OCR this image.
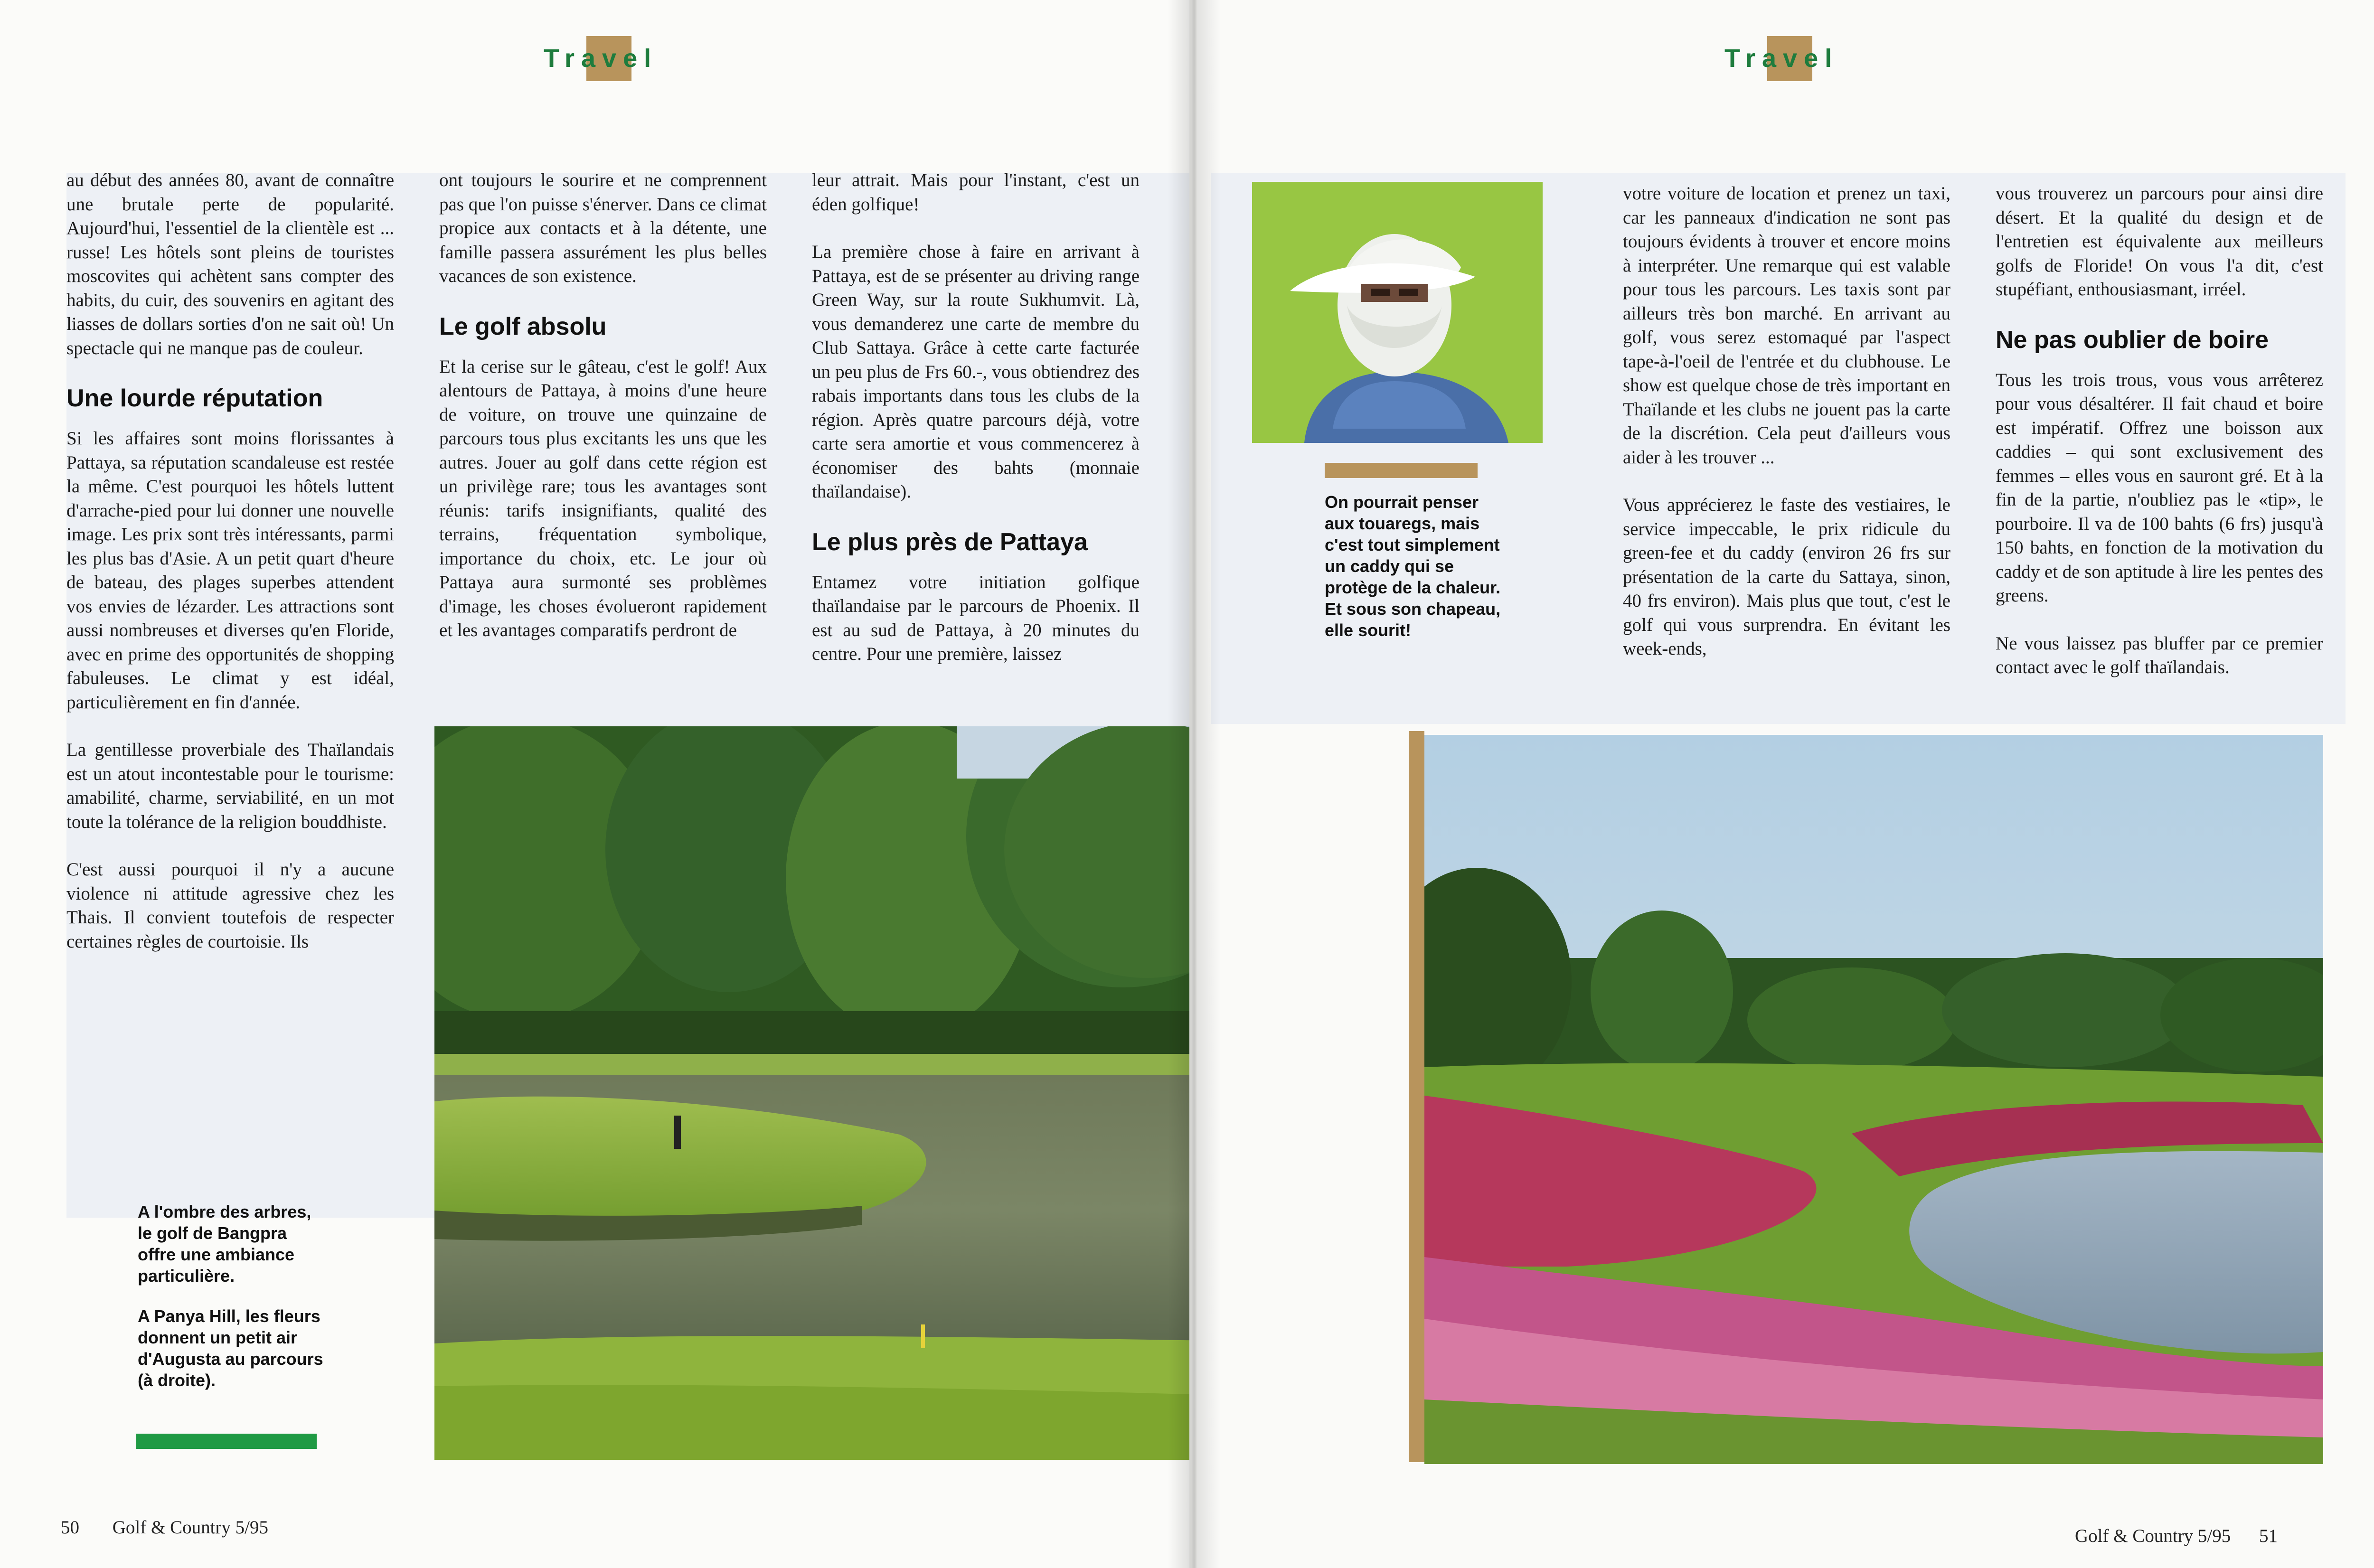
Travel

au début des années 80, avant de connaître une brutale perte de popularité. Aujourd'hui, l'essentiel de la clientèle est ... russe! Les hôtels sont pleins de touristes moscovites qui achètent sans compter des habits, du cuir, des souvenirs en agitant des liasses de dollars sorties d'on ne sait où! Un spectacle qui ne manque pas de couleur.

Une lourde réputation

Si les affaires sont moins florissantes à Pattaya, sa réputation scandaleuse est restée la même. C'est pourquoi les hôtels luttent d'arrache-pied pour lui donner une nouvelle image. Les prix sont très intéressants, parmi les plus bas d'Asie. A un petit quart d'heure de bateau, des plages superbes attendent vos envies de lézarder. Les attractions sont aussi nombreuses et diverses qu'en Floride, avec en prime des opportunités de shopping fabuleuses. Le climat y est idéal, particulièrement en fin d'année.

La gentillesse proverbiale des Thaïlandais est un atout incontestable pour le tourisme: amabilité, charme, serviabilité, en un mot toute la tolérance de la religion bouddhiste.

C'est aussi pourquoi il n'y a aucune violence ni attitude agressive chez les Thais. Il convient toutefois de respecter certaines règles de courtoisie. Ils

ont toujours le sourire et ne comprennent pas que l'on puisse s'énerver. Dans ce climat propice aux contacts et à la détente, une famille passera assurément les plus belles vacances de son existence.

Le golf absolu

Et la cerise sur le gâteau, c'est le golf! Aux alentours de Pattaya, à moins d'une heure de voiture, on trouve une quinzaine de parcours tous plus excitants les uns que les autres. Jouer au golf dans cette région est un privilège rare; tous les avantages sont réunis: tarifs insignifiants, qualité des terrains, fréquentation symbolique, importance du choix, etc. Le jour où Pattaya aura surmonté ses problèmes d'image, les choses évolueront rapidement et les avantages comparatifs perdront de

leur attrait. Mais pour l'instant, c'est un éden golfique!

La première chose à faire en arrivant à Pattaya, est de se présenter au driving range Green Way, sur la route Sukhumvit. Là, vous demanderez une carte de membre du Club Sattaya. Grâce à cette carte facturée un peu plus de Frs 60.-, vous obtiendrez des rabais importants dans tous les clubs de la région. Après quatre parcours déjà, votre carte sera amortie et vous commencerez à économiser des bahts (monnaie thaïlandaise).

Le plus près de Pattaya

Entamez votre initiation golfique thaïlandaise par le parcours de Phoenix. Il est au sud de Pattaya, à 20 minutes du centre. Pour une première, laissez

A l'ombre des arbres, le golf de Bangpra offre une ambiance particulière.

A Panya Hill, les fleurs donnent un petit air d'Augusta au parcours (à droite).

50 Golf & Country 5/95
Travel
On pourrait penser aux touaregs, mais c'est tout simplement un caddy qui se protège de la chaleur. Et sous son chapeau, elle sourit!

votre voiture de location et prenez un taxi, car les panneaux d'indication ne sont pas toujours évidents à trouver et encore moins à interpréter. Une remarque qui est valable pour tous les parcours. Les taxis sont par ailleurs très bon marché. En arrivant au golf, vous serez estomaqué par l'aspect tape-à-l'oeil de l'entrée et du clubhouse. Le show est quelque chose de très important en Thaïlande et les clubs ne jouent pas la carte de la discrétion. Cela peut d'ailleurs vous aider à les trouver ...

Vous apprécierez le faste des vestiaires, le service impeccable, le prix ridicule du green-fee et du caddy (environ 26 frs sur présentation de la carte du Sattaya, sinon, 40 frs environ). Mais plus que tout, c'est le golf qui vous surprendra. En évitant les week-ends,

vous trouverez un parcours pour ainsi dire désert. Et la qualité du design et de l'entretien est équivalente aux meilleurs golfs de Floride! On vous l'a dit, c'est stupéfiant, enthousiasmant, irréel.

Ne pas oublier de boire

Tous les trois trous, vous vous arrêterez pour vous désaltérer. Il fait chaud et boire est impératif. Offrez une boisson aux caddies – qui sont exclusivement des femmes – elles vous en sauront gré. Et à la fin de la partie, n'oubliez pas le «tip», le pourboire. Il va de 100 bahts (6 frs) jusqu'à 150 bahts, en fonction de la motivation du caddy et de son aptitude à lire les pentes des greens.

Ne vous laissez pas bluffer par ce premier contact avec le golf thaïlandais.

Golf & Country 5/95 51
